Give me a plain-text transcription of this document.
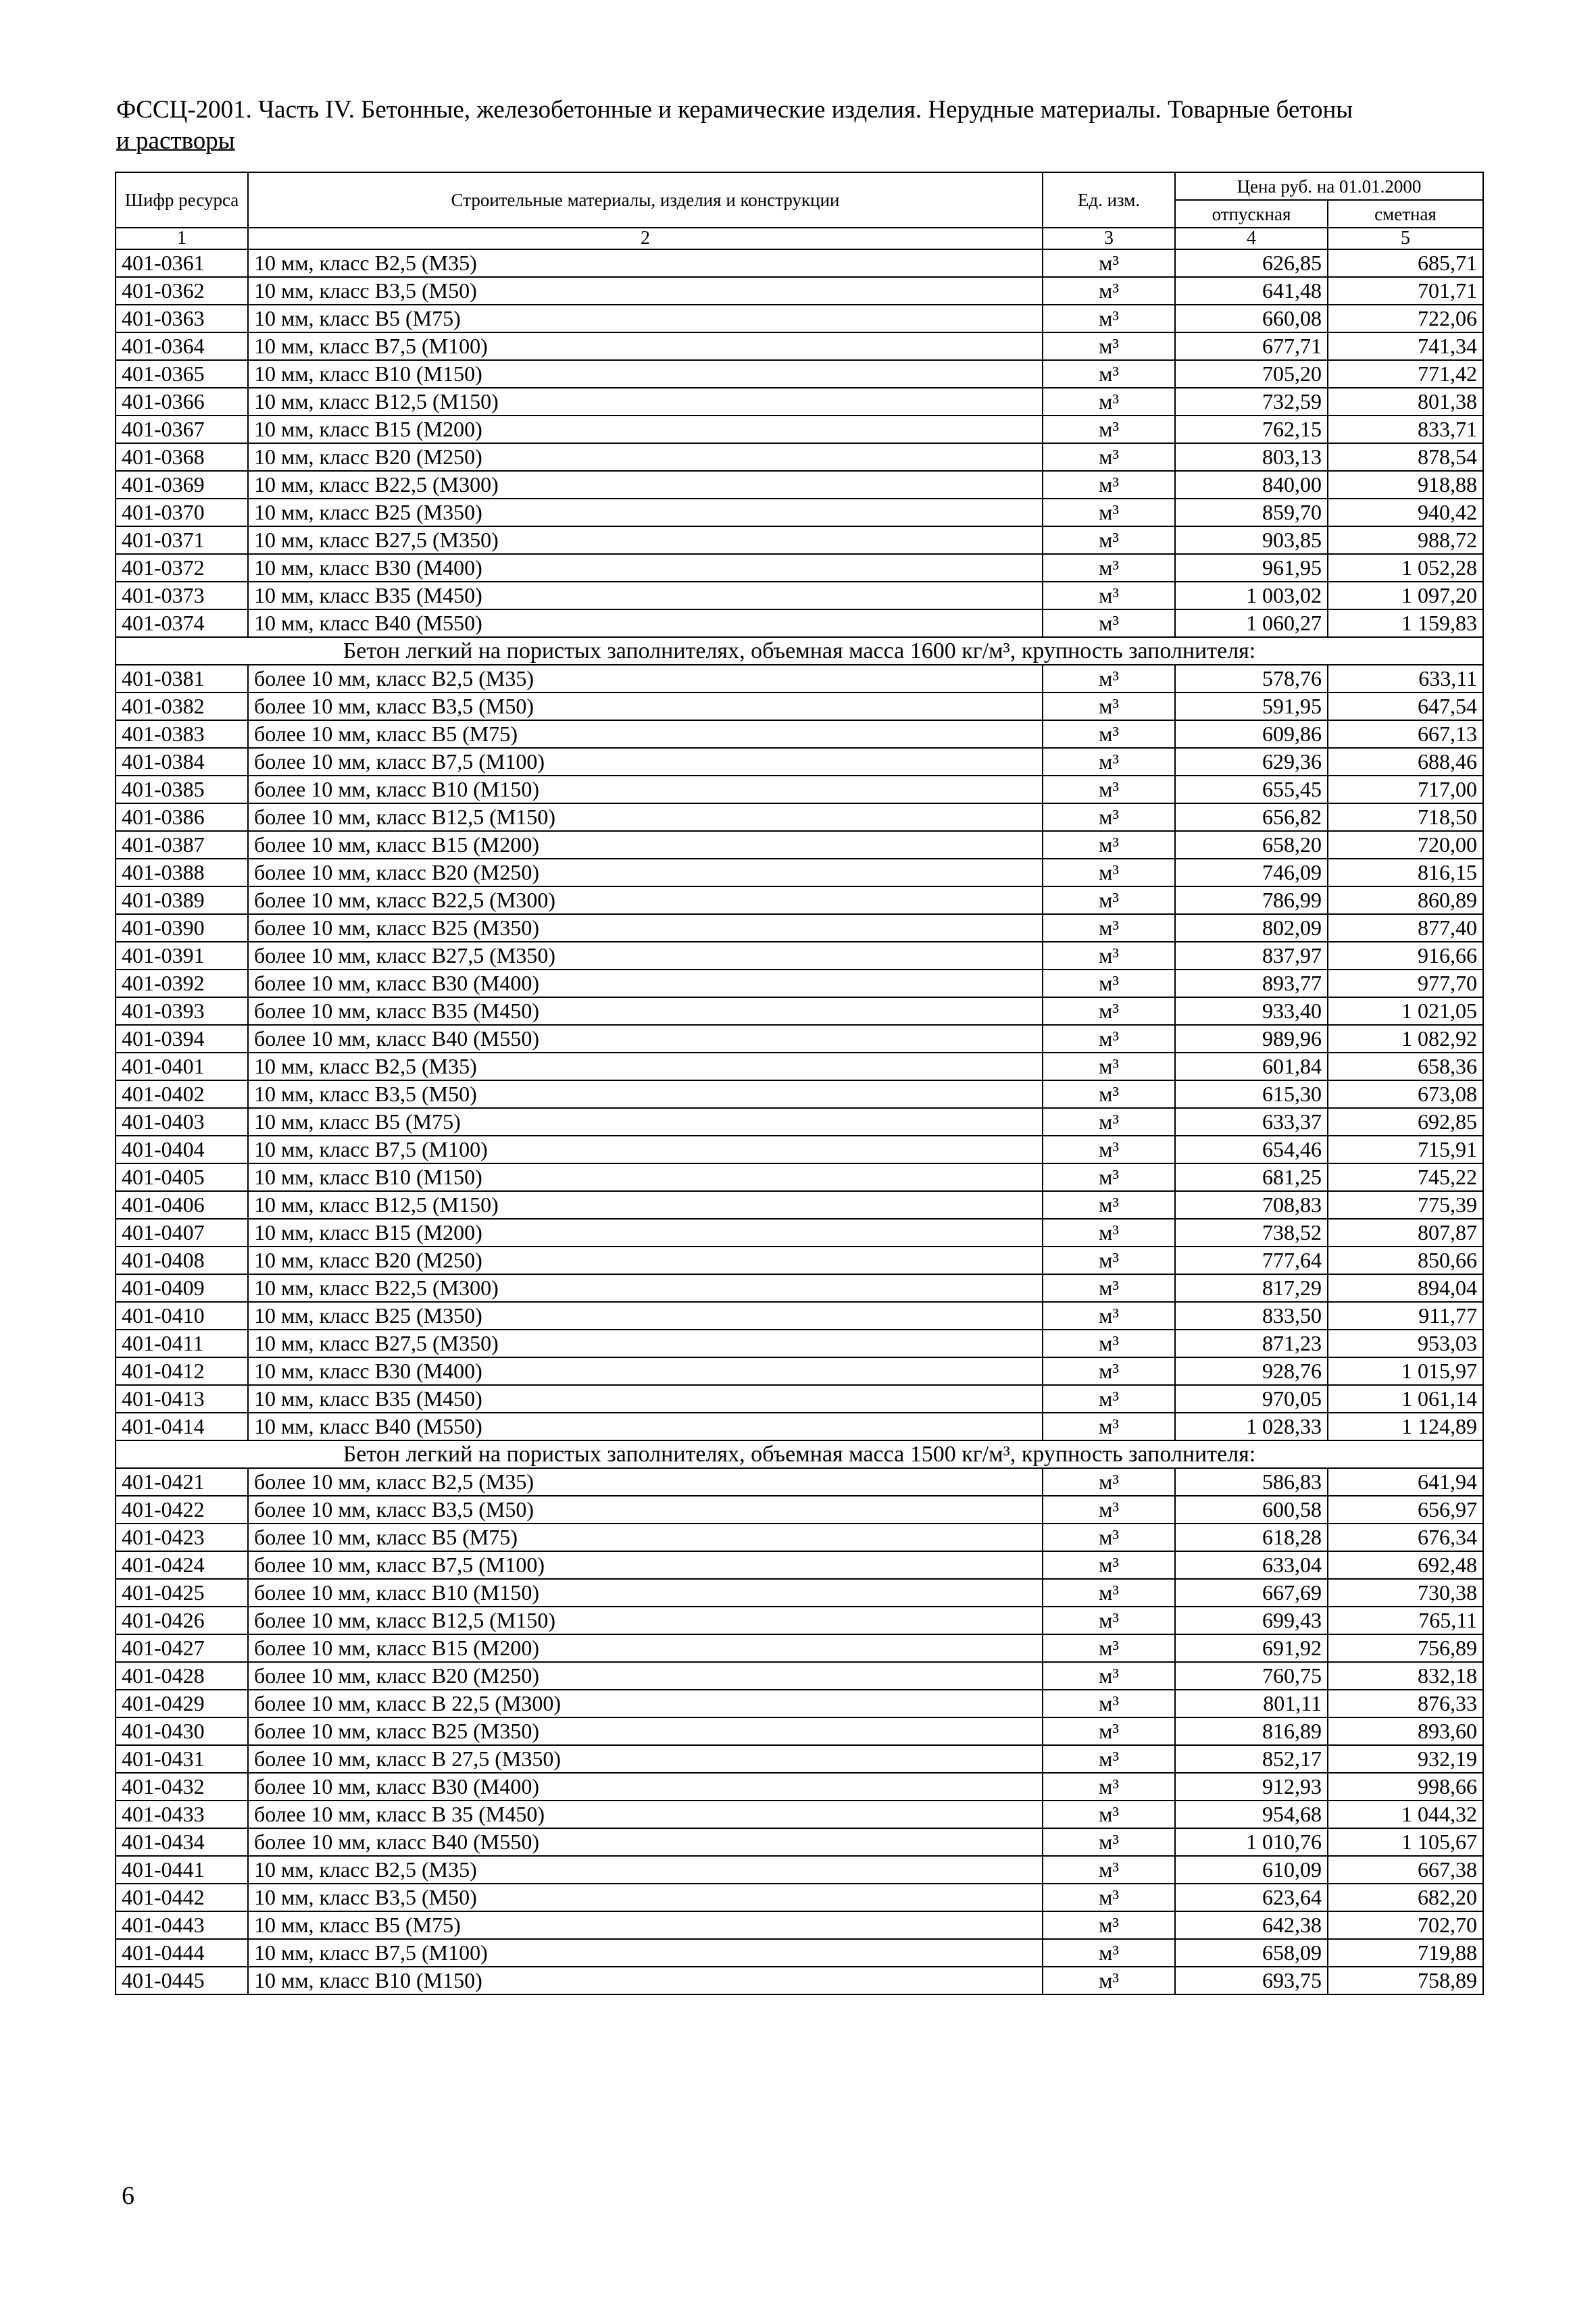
ФССЦ-2001. Часть IV. Бетонные, железобетонные и керамические изделия. Нерудные материалы. Товарные бетоны
и растворы
Шифр ресурса	Строительные материалы, изделия и конструкции	Ед. изм.	Цена руб. на 01.01.2000	
			отпускная	сметная
1	2	3	4	5
401-0361	10 мм, класс В2,5 (М35)	м³	626,85	685,71
401-0362	10 мм, класс В3,5 (М50)	м³	641,48	701,71
401-0363	10 мм, класс В5 (М75)	м³	660,08	722,06
401-0364	10 мм, класс В7,5 (М100)	м³	677,71	741,34
401-0365	10 мм, класс В10 (М150)	м³	705,20	771,42
401-0366	10 мм, класс В12,5 (М150)	м³	732,59	801,38
401-0367	10 мм, класс В15 (М200)	м³	762,15	833,71
401-0368	10 мм, класс В20 (М250)	м³	803,13	878,54
401-0369	10 мм, класс В22,5 (М300)	м³	840,00	918,88
401-0370	10 мм, класс В25 (М350)	м³	859,70	940,42
401-0371	10 мм, класс В27,5 (М350)	м³	903,85	988,72
401-0372	10 мм, класс В30 (М400)	м³	961,95	1 052,28
401-0373	10 мм, класс В35 (М450)	м³	1 003,02	1 097,20
401-0374	10 мм, класс В40 (М550)	м³	1 060,27	1 159,83
Бетон легкий на пористых заполнителях, объемная масса 1600 кг/м³, крупность заполнителя:				
401-0381	более 10 мм, класс В2,5 (М35)	м³	578,76	633,11
401-0382	более 10 мм, класс В3,5 (М50)	м³	591,95	647,54
401-0383	более 10 мм, класс В5 (М75)	м³	609,86	667,13
401-0384	более 10 мм, класс В7,5 (М100)	м³	629,36	688,46
401-0385	более 10 мм, класс В10 (М150)	м³	655,45	717,00
401-0386	более 10 мм, класс В12,5 (М150)	м³	656,82	718,50
401-0387	более 10 мм, класс В15 (М200)	м³	658,20	720,00
401-0388	более 10 мм, класс В20 (М250)	м³	746,09	816,15
401-0389	более 10 мм, класс В22,5 (М300)	м³	786,99	860,89
401-0390	более 10 мм, класс В25 (М350)	м³	802,09	877,40
401-0391	более 10 мм, класс В27,5 (М350)	м³	837,97	916,66
401-0392	более 10 мм, класс В30 (М400)	м³	893,77	977,70
401-0393	более 10 мм, класс В35 (М450)	м³	933,40	1 021,05
401-0394	более 10 мм, класс В40 (М550)	м³	989,96	1 082,92
401-0401	10 мм, класс В2,5 (М35)	м³	601,84	658,36
401-0402	10 мм, класс В3,5 (М50)	м³	615,30	673,08
401-0403	10 мм, класс В5 (М75)	м³	633,37	692,85
401-0404	10 мм, класс В7,5 (М100)	м³	654,46	715,91
401-0405	10 мм, класс В10 (М150)	м³	681,25	745,22
401-0406	10 мм, класс В12,5 (М150)	м³	708,83	775,39
401-0407	10 мм, класс В15 (М200)	м³	738,52	807,87
401-0408	10 мм, класс В20 (М250)	м³	777,64	850,66
401-0409	10 мм, класс В22,5 (М300)	м³	817,29	894,04
401-0410	10 мм, класс В25 (М350)	м³	833,50	911,77
401-0411	10 мм, класс В27,5 (М350)	м³	871,23	953,03
401-0412	10 мм, класс В30 (М400)	м³	928,76	1 015,97
401-0413	10 мм, класс В35 (М450)	м³	970,05	1 061,14
401-0414	10 мм, класс В40 (М550)	м³	1 028,33	1 124,89
Бетон легкий на пористых заполнителях, объемная масса 1500 кг/м³, крупность заполнителя:				
401-0421	более 10 мм, класс В2,5 (М35)	м³	586,83	641,94
401-0422	более 10 мм, класс В3,5 (М50)	м³	600,58	656,97
401-0423	более 10 мм, класс В5 (М75)	м³	618,28	676,34
401-0424	более 10 мм, класс В7,5 (М100)	м³	633,04	692,48
401-0425	более 10 мм, класс В10 (М150)	м³	667,69	730,38
401-0426	более 10 мм, класс В12,5 (М150)	м³	699,43	765,11
401-0427	более 10 мм, класс В15 (М200)	м³	691,92	756,89
401-0428	более 10 мм, класс В20 (М250)	м³	760,75	832,18
401-0429	более 10 мм, класс В 22,5 (М300)	м³	801,11	876,33
401-0430	более 10 мм, класс В25 (М350)	м³	816,89	893,60
401-0431	более 10 мм, класс В 27,5 (М350)	м³	852,17	932,19
401-0432	более 10 мм, класс В30 (М400)	м³	912,93	998,66
401-0433	более 10 мм, класс В 35 (М450)	м³	954,68	1 044,32
401-0434	более 10 мм, класс В40 (М550)	м³	1 010,76	1 105,67
401-0441	10 мм, класс В2,5 (М35)	м³	610,09	667,38
401-0442	10 мм, класс В3,5 (М50)	м³	623,64	682,20
401-0443	10 мм, класс В5 (М75)	м³	642,38	702,70
401-0444	10 мм, класс В7,5 (М100)	м³	658,09	719,88
401-0445	10 мм, класс В10 (М150)	м³	693,75	758,89
6
